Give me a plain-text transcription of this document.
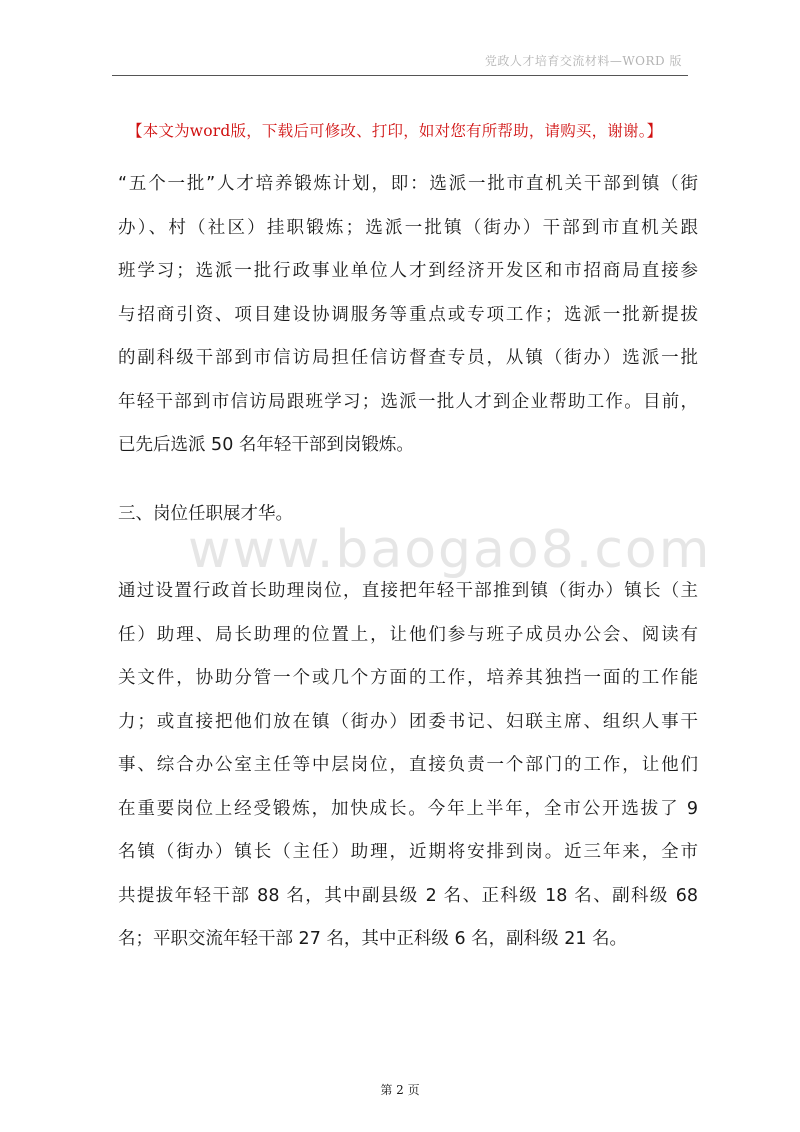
党政人才培育交流材料—WORD 版
【本文为word版，下载后可修改、打印，如对您有所帮助，请购买，谢谢。】
“五个一批”人才培养锻炼计划，即：选派一批市直机关干部到镇（街
办）、村（社区）挂职锻炼；选派一批镇（街办）干部到市直机关跟
班学习；选派一批行政事业单位人才到经济开发区和市招商局直接参
与招商引资、项目建设协调服务等重点或专项工作；选派一批新提拔
的副科级干部到市信访局担任信访督查专员，从镇（街办）选派一批
年轻干部到市信访局跟班学习；选派一批人才到企业帮助工作。目前，
已先后选派 50 名年轻干部到岗锻炼。
三、岗位任职展才华。
www.baogao8.com
通过设置行政首长助理岗位，直接把年轻干部推到镇（街办）镇长（主
任）助理、局长助理的位置上，让他们参与班子成员办公会、阅读有
关文件，协助分管一个或几个方面的工作，培养其独挡一面的工作能
力；或直接把他们放在镇（街办）团委书记、妇联主席、组织人事干
事、综合办公室主任等中层岗位，直接负责一个部门的工作，让他们
在重要岗位上经受锻炼，加快成长。今年上半年，全市公开选拔了 9
名镇（街办）镇长（主任）助理，近期将安排到岗。近三年来，全市
共提拔年轻干部 88 名，其中副县级 2 名、正科级 18 名、副科级 68
名；平职交流年轻干部 27 名，其中正科级 6 名，副科级 21 名。
第 2 页
